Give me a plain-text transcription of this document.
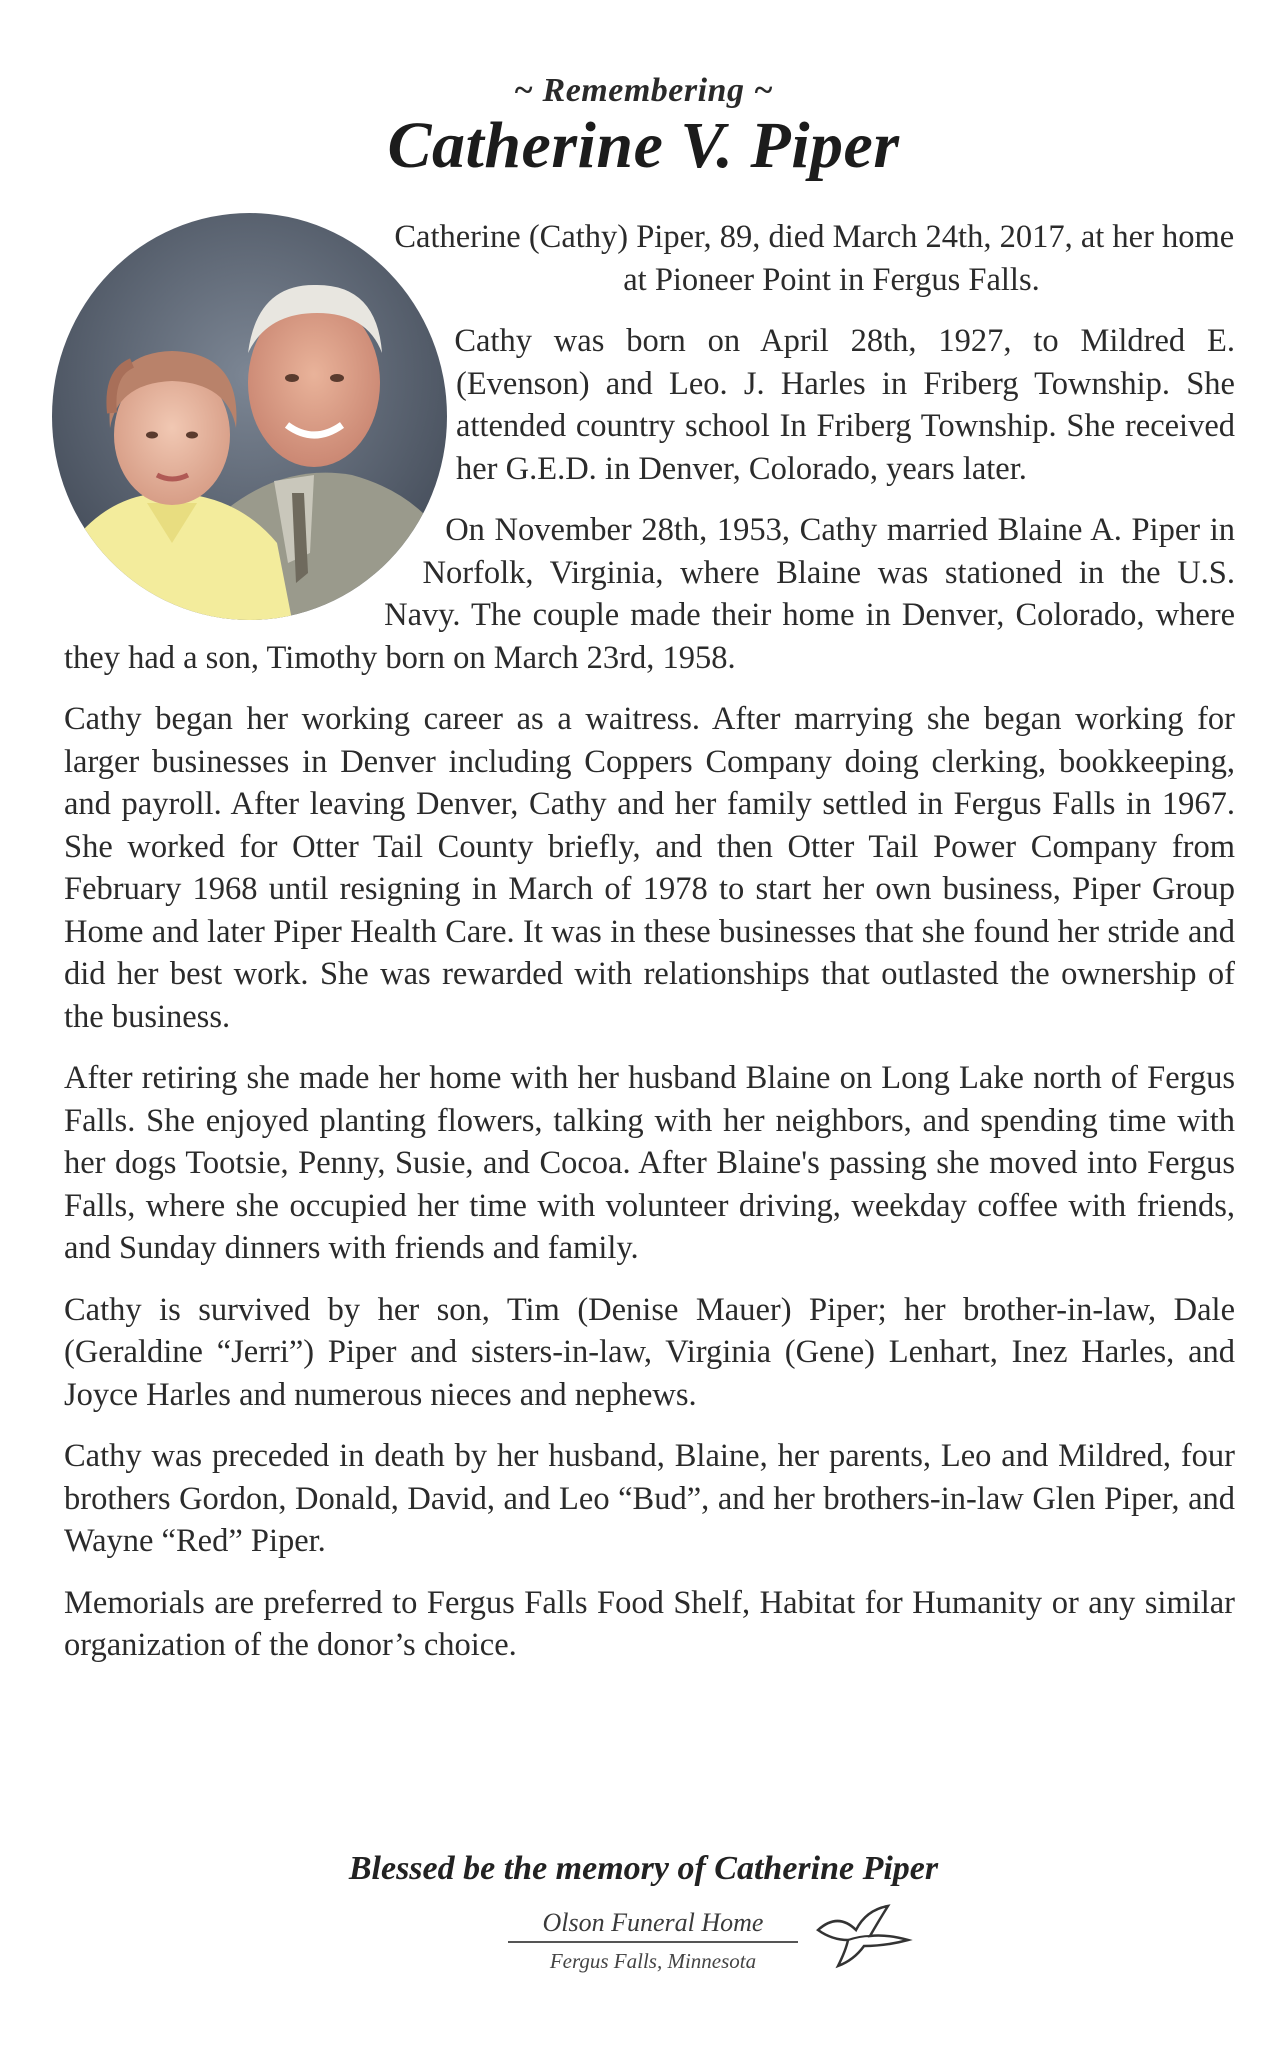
~ Remembering ~
Catherine V. Piper

Catherine (Cathy) Piper, 89, died March 24th, 2017, at her home at Pioneer Point in Fergus Falls.

Cathy was born on April 28th, 1927, to Mildred E. (Evenson) and Leo. J. Harles in Friberg Township. She attended country school In Friberg Township. She received her G.E.D. in Denver, Colorado, years later.

On November 28th, 1953, Cathy married Blaine A. Piper in Norfolk, Virginia, where Blaine was stationed in the U.S. Navy. The couple made their home in Denver, Colorado, where they had a son, Timothy born on March 23rd, 1958.

Cathy began her working career as a waitress. After marrying she began working for larger businesses in Denver including Coppers Company doing clerking, bookkeeping, and payroll. After leaving Denver, Cathy and her family settled in Fergus Falls in 1967. She worked for Otter Tail County briefly, and then Otter Tail Power Company from February 1968 until resigning in March of 1978 to start her own business, Piper Group Home and later Piper Health Care. It was in these businesses that she found her stride and did her best work. She was rewarded with relationships that outlasted the ownership of the business.

After retiring she made her home with her husband Blaine on Long Lake north of Fergus Falls. She enjoyed planting flowers, talking with her neighbors, and spending time with her dogs Tootsie, Penny, Susie, and Cocoa. After Blaine's passing she moved into Fergus Falls, where she occupied her time with volunteer driving, weekday coffee with friends, and Sunday dinners with friends and family.

Cathy is survived by her son, Tim (Denise Mauer) Piper; her brother-in-law, Dale (Geraldine “Jerri”) Piper and sisters-in-law, Virginia (Gene) Lenhart, Inez Harles, and Joyce Harles and numerous nieces and nephews.

Cathy was preceded in death by her husband, Blaine, her parents, Leo and Mildred, four brothers Gordon, Donald, David, and Leo “Bud”, and her brothers-in-law Glen Piper, and Wayne “Red” Piper.

Memorials are preferred to Fergus Falls Food Shelf, Habitat for Humanity or any similar organization of the donor’s choice.

Blessed be the memory of Catherine Piper
Olson Funeral Home
Fergus Falls, Minnesota
